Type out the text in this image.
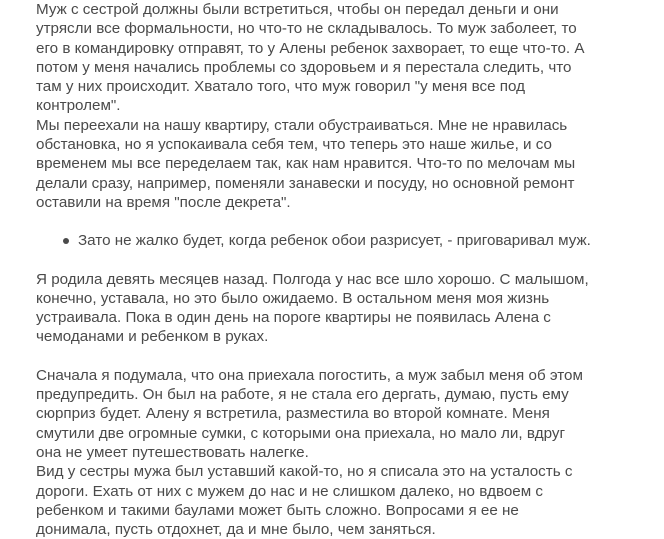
Муж с сестрой должны были встретиться, чтобы он передал деньги и они
утрясли все формальности, но что-то не складывалось. То муж заболеет, то
его в командировку отправят, то у Алены ребенок захворает, то еще что-то. А
потом у меня начались проблемы со здоровьем и я перестала следить, что
там у них происходит. Хватало того, что муж говорил "у меня все под
контролем".
Мы переехали на нашу квартиру, стали обустраиваться. Мне не нравилась
обстановка, но я успокаивала себя тем, что теперь это наше жилье, и со
временем мы все переделаем так, как нам нравится. Что-то по мелочам мы
делали сразу, например, поменяли занавески и посуду, но основной ремонт
оставили на время "после декрета".

Зато не жалко будет, когда ребенок обои разрисует, - приговаривал муж.

Я родила девять месяцев назад. Полгода у нас все шло хорошо. С малышом,
конечно, уставала, но это было ожидаемо. В остальном меня моя жизнь
устраивала. Пока в один день на пороге квартиры не появилась Алена с
чемоданами и ребенком в руках.

Сначала я подумала, что она приехала погостить, а муж забыл меня об этом
предупредить. Он был на работе, я не стала его дергать, думаю, пусть ему
сюрприз будет. Алену я встретила, разместила во второй комнате. Меня
смутили две огромные сумки, с которыми она приехала, но мало ли, вдруг
она не умеет путешествовать налегке.
Вид у сестры мужа был уставший какой-то, но я списала это на усталость с
дороги. Ехать от них с мужем до нас и не слишком далеко, но вдвоем с
ребенком и такими баулами может быть сложно. Вопросами я ее не
донимала, пусть отдохнет, да и мне было, чем заняться.
